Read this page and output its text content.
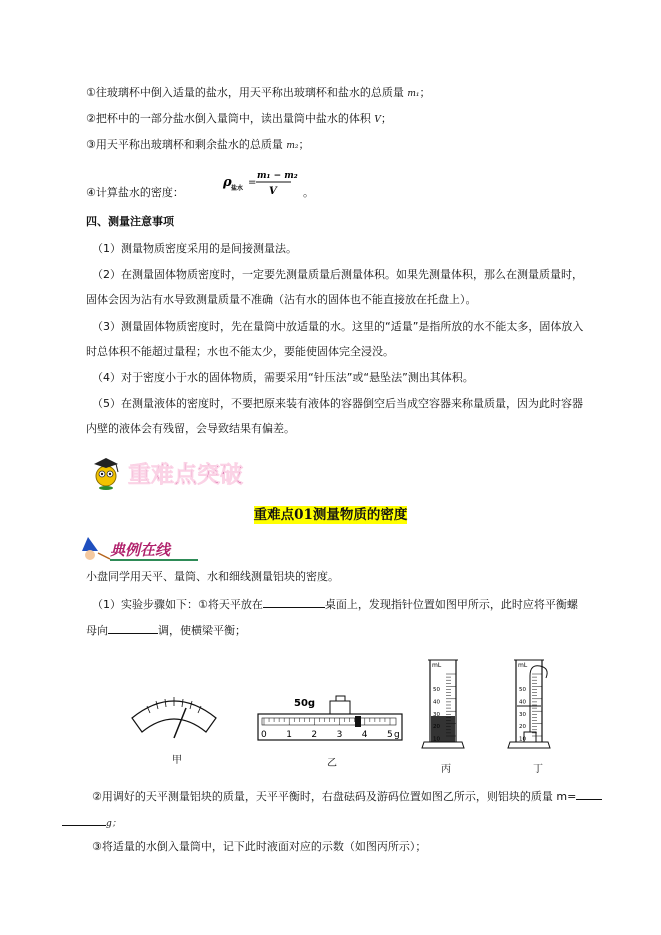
①往玻璃杯中倒入适量的盐水，用天平称出玻璃杯和盐水的总质量 m₁；
②把杯中的一部分盐水倒入量筒中，读出量筒中盐水的体积 V；
③用天平称出玻璃杯和剩余盐水的总质量 m₂；
④计算盐水的密度：
ρ 盐水
=
m₁ − m₂
V 。
四、测量注意事项
（1）测量物质密度采用的是间接测量法。
（2）在测量固体物质密度时，一定要先测量质量后测量体积。如果先测量体积，那么在测量质量时，
固体会因为沾有水导致测量质量不准确（沾有水的固体也不能直接放在托盘上）。
（3）测量固体物质密度时，先在量筒中放适量的水。这里的“适量”是指所放的水不能太多，固体放入
时总体积不能超过量程；水也不能太少，要能使固体完全浸没。
（4）对于密度小于水的固体物质，需要采用“针压法”或“悬坠法”测出其体积。
（5）在测量液体的密度时，不要把原来装有液体的容器倒空后当成空容器来称量质量，因为此时容器
内壁的液体会有残留，会导致结果有偏差。
重难点突破
重难点01测量物质的密度
典例在线
小盘同学用天平、量筒、水和细线测量铝块的密度。
（1）实验步骤如下：①将天平放在	桌面上，发现指针位置如图甲所示，此时应将平衡螺
母向	调，使横梁平衡；
甲
50g
0 1 2 3 4 5 g
乙
mL
50
40
30
20
10
丙
mL
50
40
30
20
10
丁
②用调好的天平测量铝块的质量，天平平衡时，右盘砝码及游码位置如图乙所示，则铝块的质量 m=
g；
③将适量的水倒入量筒中，记下此时液面对应的示数（如图丙所示）；
